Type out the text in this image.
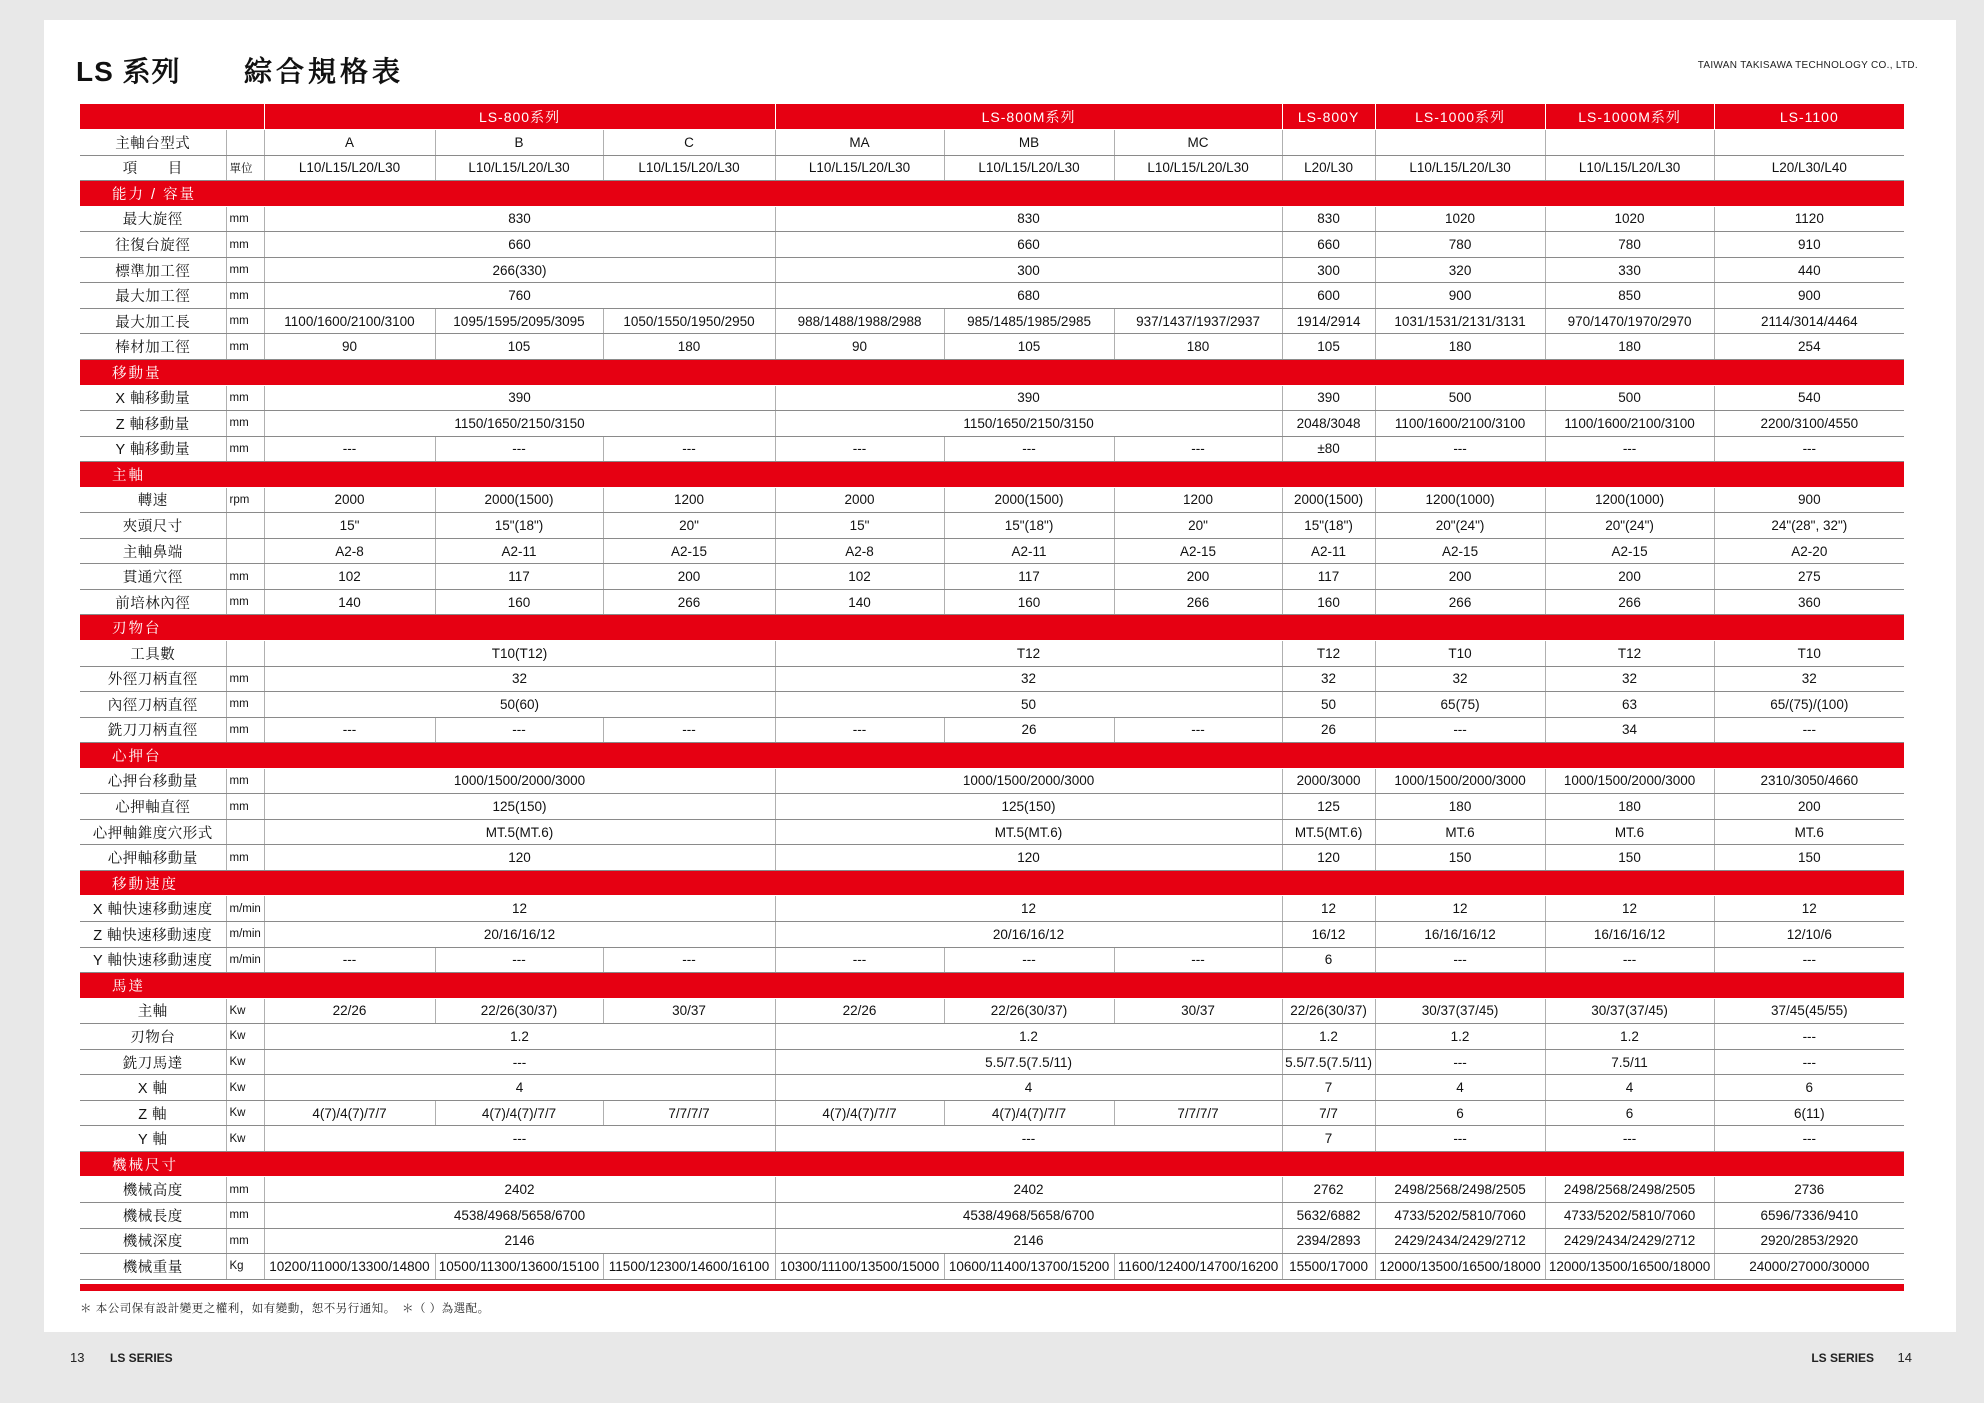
LS 系列 綜合規格表	TAIWAN TAKISAWA TECHNOLOGY CO., LTD.
		LS-800系列			LS-800M系列			LS-800Y	LS-1000系列	LS-1000M系列	LS-1100
主軸台型式		A	B	C	MA	MB	MC				
項　　目	單位	L10/L15/L20/L30	L10/L15/L20/L30	L10/L15/L20/L30	L10/L15/L20/L30	L10/L15/L20/L30	L10/L15/L20/L30	L20/L30	L10/L15/L20/L30	L10/L15/L20/L30	L20/L30/L40
能力 / 容量											
最大旋徑	mm	830			830			830	1020	1020	1120
往復台旋徑	mm	660			660			660	780	780	910
標準加工徑	mm	266(330)			300			300	320	330	440
最大加工徑	mm	760			680			600	900	850	900
最大加工長	mm	1100/1600/2100/3100	1095/1595/2095/3095	1050/1550/1950/2950	988/1488/1988/2988	985/1485/1985/2985	937/1437/1937/2937	1914/2914	1031/1531/2131/3131	970/1470/1970/2970	2114/3014/4464
棒材加工徑	mm	90	105	180	90	105	180	105	180	180	254
移動量											
X 軸移動量	mm	390			390			390	500	500	540
Z 軸移動量	mm	1150/1650/2150/3150			1150/1650/2150/3150			2048/3048	1100/1600/2100/3100	1100/1600/2100/3100	2200/3100/4550
Y 軸移動量	mm	---	---	---	---	---	---	±80	---	---	---
主軸											
轉速	rpm	2000	2000(1500)	1200	2000	2000(1500)	1200	2000(1500)	1200(1000)	1200(1000)	900
夾頭尺寸		15"	15"(18")	20"	15"	15"(18")	20"	15"(18")	20"(24")	20"(24")	24"(28", 32")
主軸鼻端		A2-8	A2-11	A2-15	A2-8	A2-11	A2-15	A2-11	A2-15	A2-15	A2-20
貫通穴徑	mm	102	117	200	102	117	200	117	200	200	275
前培林內徑	mm	140	160	266	140	160	266	160	266	266	360
刃物台											
工具數		T10(T12)			T12			T12	T10	T12	T10
外徑刀柄直徑	mm	32			32			32	32	32	32
內徑刀柄直徑	mm	50(60)			50			50	65(75)	63	65/(75)/(100)
銑刀刀柄直徑	mm	---	---	---	---	26	---	26	---	34	---
心押台											
心押台移動量	mm	1000/1500/2000/3000			1000/1500/2000/3000			2000/3000	1000/1500/2000/3000	1000/1500/2000/3000	2310/3050/4660
心押軸直徑	mm	125(150)			125(150)			125	180	180	200
心押軸錐度穴形式		MT.5(MT.6)			MT.5(MT.6)			MT.5(MT.6)	MT.6	MT.6	MT.6
心押軸移動量	mm	120			120			120	150	150	150
移動速度											
X 軸快速移動速度	m/min	12			12			12	12	12	12
Z 軸快速移動速度	m/min	20/16/16/12			20/16/16/12			16/12	16/16/16/12	16/16/16/12	12/10/6
Y 軸快速移動速度	m/min	---	---	---	---	---	---	6	---	---	---
馬達											
主軸	Kw	22/26	22/26(30/37)	30/37	22/26	22/26(30/37)	30/37	22/26(30/37)	30/37(37/45)	30/37(37/45)	37/45(45/55)
刃物台	Kw	1.2			1.2			1.2	1.2	1.2	---
銑刀馬達	Kw	---			5.5/7.5(7.5/11)			5.5/7.5(7.5/11)	---	7.5/11	---
X 軸	Kw	4			4			7	4	4	6
Z 軸	Kw	4(7)/4(7)/7/7	4(7)/4(7)/7/7	7/7/7/7	4(7)/4(7)/7/7	4(7)/4(7)/7/7	7/7/7/7	7/7	6	6	6(11)
Y 軸	Kw	---			---			7	---	---	---
機械尺寸											
機械高度	mm	2402			2402			2762	2498/2568/2498/2505	2498/2568/2498/2505	2736
機械長度	mm	4538/4968/5658/6700			4538/4968/5658/6700			5632/6882	4733/5202/5810/7060	4733/5202/5810/7060	6596/7336/9410
機械深度	mm	2146			2146			2394/2893	2429/2434/2429/2712	2429/2434/2429/2712	2920/2853/2920
機械重量	Kg	10200/11000/13300/14800	10500/11300/13600/15100	11500/12300/14600/16100	10300/11100/13500/15000	10600/11400/13700/15200	11600/12400/14700/16200	15500/17000	12000/13500/16500/18000	12000/13500/16500/18000	24000/27000/30000
＊ 本公司保有設計變更之權利，如有變動，恕不另行通知。　＊（ ）為選配。
13 LS SERIES	LS SERIES 14
